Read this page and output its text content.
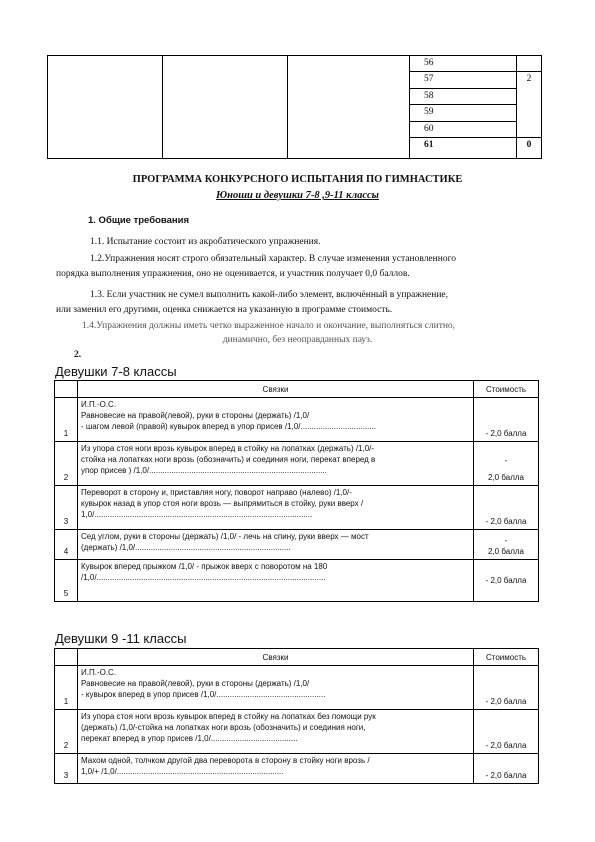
			56	
			57	2
			58	
			59	
			60	
			61	0
ПРОГРАММА КОНКУРСНОГО ИСПЫТАНИЯ ПО ГИМНАСТИКЕ
Юноши и девушки 7-8 ,9-11 классы

1. Общие требования

1.1. Испытание состоит из акробатического упражнения.

1.2.Упражнения носят строго обязательный характер. В случае изменения установленного

порядка выполнения упражнения, оно не оценивается, и участник получает 0,0 баллов.

1.3. Если участник не сумел выполнить какой-либо элемент, включённый в упражнение,

или заменил его другими, оценка снижается на указанную в программе стоимость.

1.4.Упражнения должны иметь четко выраженное начало и окончание, выполняться слитно,

динамично, без неоправданных пауз.

2.

Девушки 7-8 классы
	Связки	Стоимость
1	И.П.-О.С.
Равновесие на правой(левой), руки в стороны (держать) /1,0/
- шагом левой (правой) кувырок вперед в упор присев /1,0/..................................	- 2,0 балла
2	Из упора стоя ноги врозь кувырок вперед в стойку на лопатках (держать) /1,0/-
стойка на лопатках ноги врозь (обозначить) и соединия ноги, перекат вперед в
упор присев ) /1,0/................................................................................	-
2,0 балла

3	Переворот в сторону и, приставляя ногу, поворот направо (налево) /1,0/-
кувырок назад в упор стоя ноги врозь — выпрямиться в стойку, руки вверх /
1,0/..................................................................................................	- 2,0 балла
4	Сед углом, руки в стороны (держать) /1,0/ - лечь на спину, руки вверх — мост
(держать) /1,0/......................................................................	-
2,0 балла

5	Кувырок вперед прыжком /1,0/ - прыжок вверх с поворотом на 180
/1,0/.......................................................................................................	- 2,0 балла
Девушки 9 -11 классы
	Связки	Стоимость
1	И.П.-О.С.
Равновесие на правой(левой), руки в стороны (держать) /1,0/
- кувырок вперед в упор присев /1,0/.................................................	- 2,0 балла
2	Из упора стоя ноги врозь кувырок вперед в стойку на лопатках без помощи рук
(держать) /1,0/-стойка на лопатках ноги врозь (обозначить) и соединия ноги,
перекат вперед в упор присев /1,0/.......................................	- 2,0 балла
3	Махом одной, толчком другой два переворота в сторону в стойку ноги врозь /
1,0/+ /1,0/...........................................................................	- 2,0 балла
